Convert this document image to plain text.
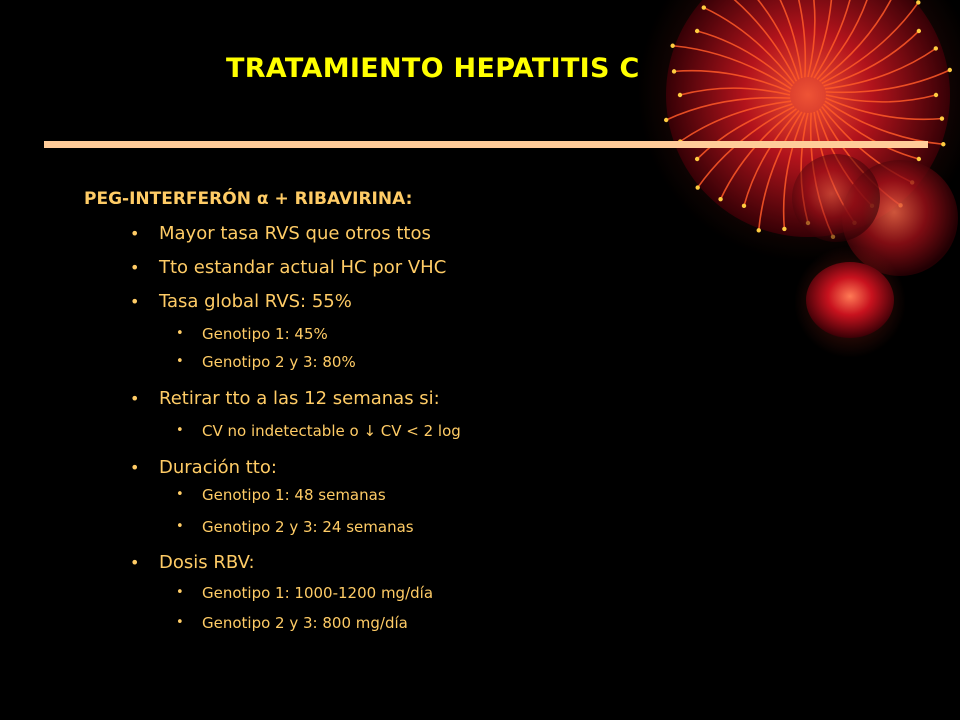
TRATAMIENTO HEPATITIS C
PEG-INTERFERÓN α + RIBAVIRINA:
• Mayor tasa RVS que otros ttos
• Tto estandar actual HC por VHC
• Tasa global RVS: 55%
• Genotipo 1: 45%
• Genotipo 2 y 3: 80%
• Retirar tto a las 12 semanas si:
• CV no indetectable o ↓ CV < 2 log
• Duración tto:
• Genotipo 1: 48 semanas
• Genotipo 2 y 3: 24 semanas
• Dosis RBV:
• Genotipo 1: 1000-1200 mg/día
• Genotipo 2 y 3: 800 mg/día
